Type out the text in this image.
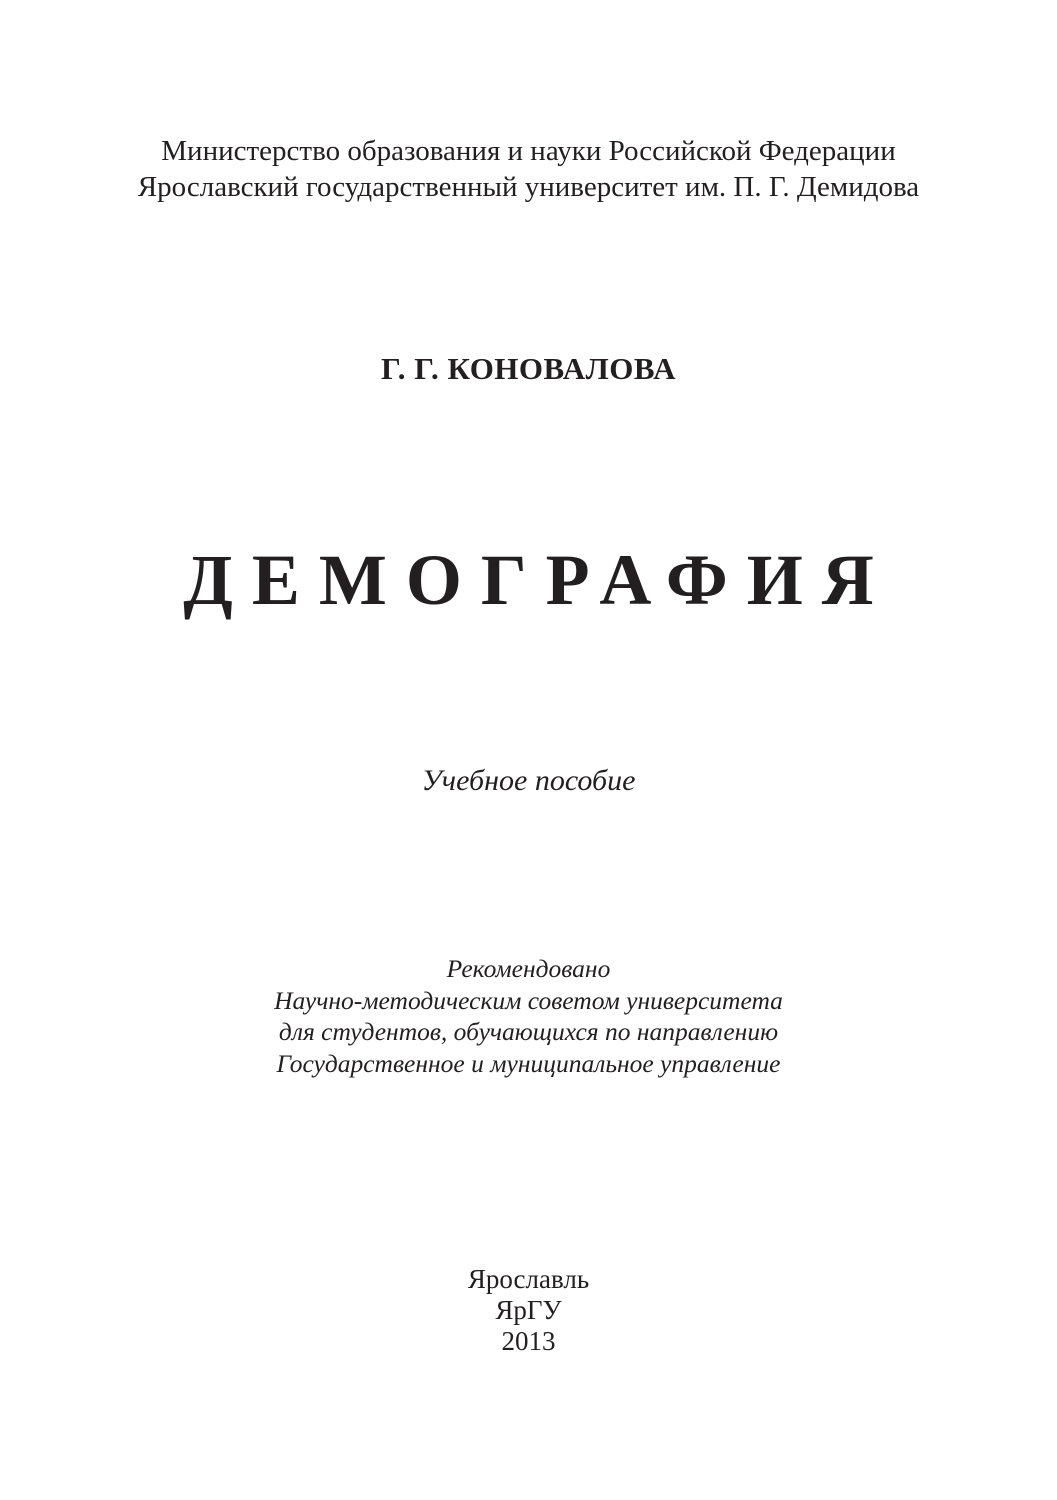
Министерство образования и науки Российской Федерации
Ярославский государственный университет им. П. Г. Демидова
Г. Г. КОНОВАЛОВА
ДЕМОГРАФИЯ
Учебное пособие
Рекомендовано
Научно-методическим советом университета
для студентов, обучающихся по направлению
Государственное и муниципальное управление
Ярославль
ЯрГУ
2013
